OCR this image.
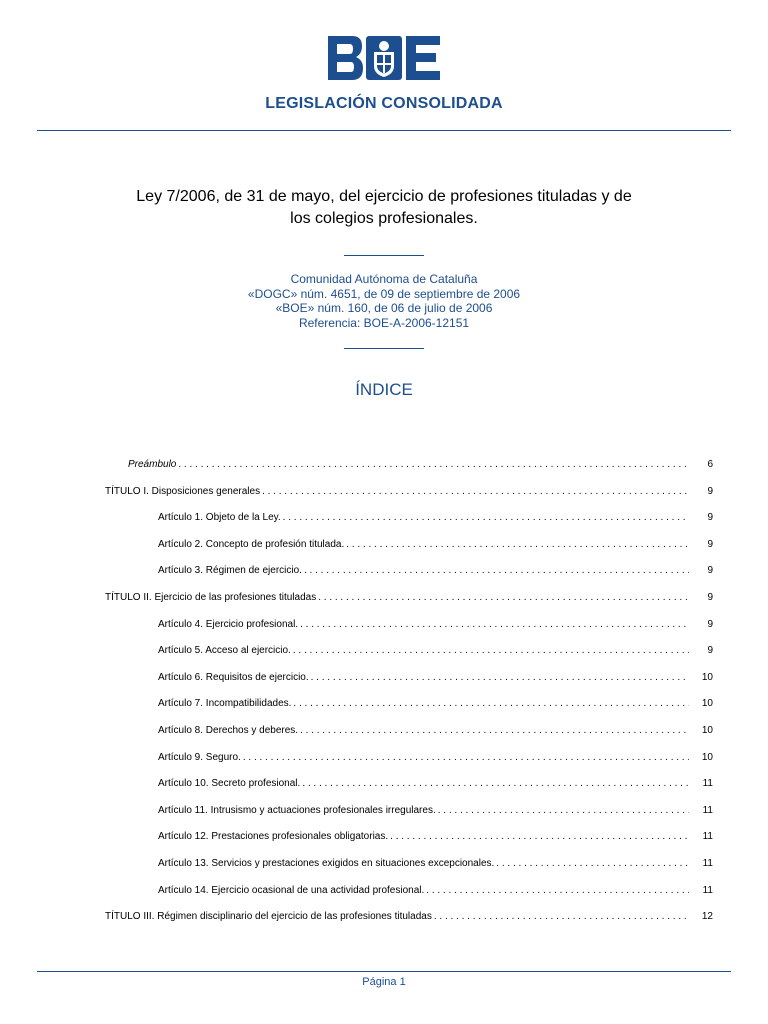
LEGISLACIÓN CONSOLIDADA
Ley 7/2006, de 31 de mayo, del ejercicio de profesiones tituladas y de
los colegios profesionales.
Comunidad Autónoma de Cataluña
«DOGC» núm. 4651, de 09 de septiembre de 2006
«BOE» núm. 160, de 06 de julio de 2006
Referencia: BOE-A-2006-12151
ÍNDICE
Preámbulo . . .	6
TÍTULO I. Disposiciones generales . . .	9
Artículo 1. Objeto de la Ley. . . .	9
Artículo 2. Concepto de profesión titulada. . . .	9
Artículo 3. Régimen de ejercicio. . . .	9
TÍTULO II. Ejercicio de las profesiones tituladas . . .	9
Artículo 4. Ejercicio profesional. . . .	9
Artículo 5. Acceso al ejercicio. . . .	9
Artículo 6. Requisitos de ejercicio. . . .	10
Artículo 7. Incompatibilidades. . . .	10
Artículo 8. Derechos y deberes. . . .	10
Artículo 9. Seguro. . . .	10
Artículo 10. Secreto profesional. . . .	11
Artículo 11. Intrusismo y actuaciones profesionales irregulares. . . .	11
Artículo 12. Prestaciones profesionales obligatorias. . . .	11
Artículo 13. Servicios y prestaciones exigidos en situaciones excepcionales. . . .	11
Artículo 14. Ejercicio ocasional de una actividad profesional. . . .	11
TÍTULO III. Régimen disciplinario del ejercicio de las profesiones tituladas . . .	12
Página 1
